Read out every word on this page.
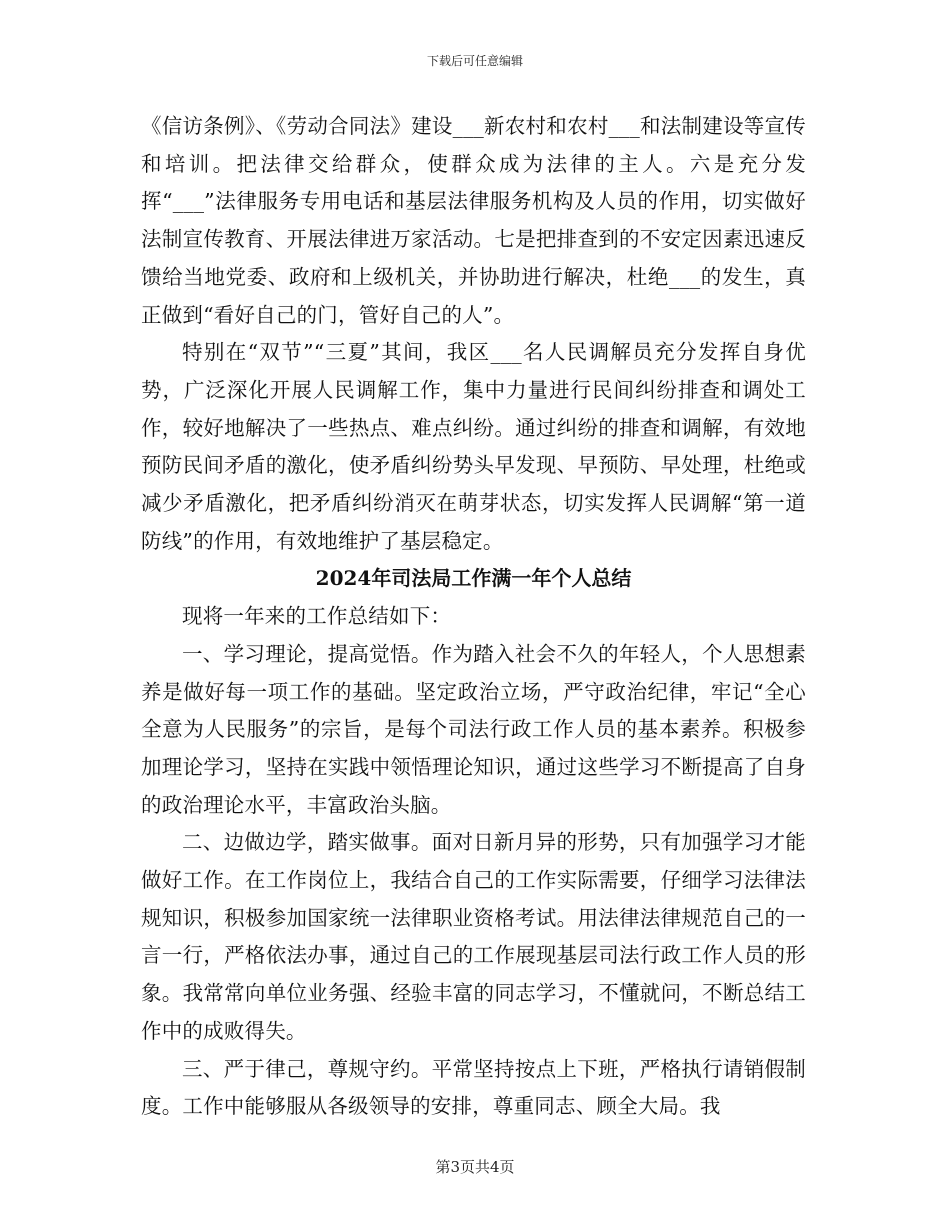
下载后可任意编辑

《信访条例》、《劳动合同法》建设___新农村和农村___和法制建设等宣传和培训。把法律交给群众，使群众成为法律的主人。六是充分发挥“___”法律服务专用电话和基层法律服务机构及人员的作用，切实做好法制宣传教育、开展法律进万家活动。七是把排查到的不安定因素迅速反馈给当地党委、政府和上级机关，并协助进行解决，杜绝___的发生，真正做到“看好自己的门，管好自己的人”。

特别在“双节”“三夏”其间，我区___名人民调解员充分发挥自身优势，广泛深化开展人民调解工作，集中力量进行民间纠纷排查和调处工作，较好地解决了一些热点、难点纠纷。通过纠纷的排查和调解，有效地预防民间矛盾的激化，使矛盾纠纷势头早发现、早预防、早处理，杜绝或减少矛盾激化，把矛盾纠纷消灭在萌芽状态，切实发挥人民调解“第一道防线”的作用，有效地维护了基层稳定。

2024年司法局工作满一年个人总结

现将一年来的工作总结如下：

一、学习理论，提高觉悟。作为踏入社会不久的年轻人，个人思想素养是做好每一项工作的基础。坚定政治立场，严守政治纪律，牢记“全心全意为人民服务”的宗旨，是每个司法行政工作人员的基本素养。积极参加理论学习，坚持在实践中领悟理论知识，通过这些学习不断提高了自身的政治理论水平，丰富政治头脑。

二、边做边学，踏实做事。面对日新月异的形势，只有加强学习才能做好工作。在工作岗位上，我结合自己的工作实际需要，仔细学习法律法规知识，积极参加国家统一法律职业资格考试。用法律法律规范自己的一言一行，严格依法办事，通过自己的工作展现基层司法行政工作人员的形象。我常常向单位业务强、经验丰富的同志学习，不懂就问，不断总结工作中的成败得失。

三、严于律己，尊规守约。平常坚持按点上下班，严格执行请销假制度。工作中能够服从各级领导的安排，尊重同志、顾全大局。我

第3页共4页
